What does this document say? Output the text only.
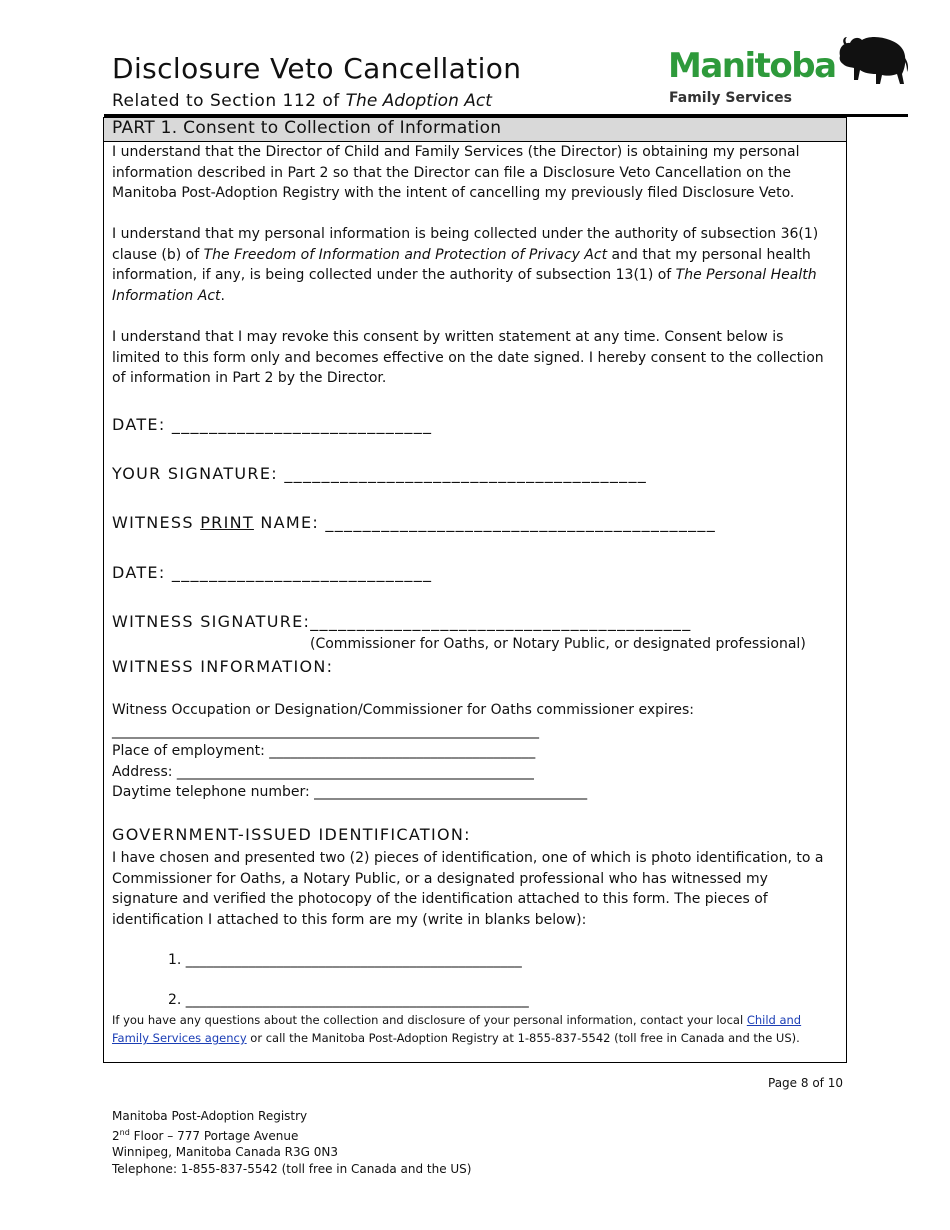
Disclosure Veto Cancellation
Related to Section 112 of The Adoption Act
Manitoba
Family Services
PART 1. Consent to Collection of Information
I understand that the Director of Child and Family Services (the Director) is obtaining my personal information described in Part 2 so that the Director can file a Disclosure Veto Cancellation on the Manitoba Post-Adoption Registry with the intent of cancelling my previously filed Disclosure Veto.
I understand that my personal information is being collected under the authority of subsection 36(1) clause (b) of The Freedom of Information and Protection of Privacy Act and that my personal health information, if any, is being collected under the authority of subsection 13(1) of The Personal Health Information Act.
I understand that I may revoke this consent by written statement at any time. Consent below is limited to this form only and becomes effective on the date signed. I hereby consent to the collection of information in Part 2 by the Director.
DATE: ____________________________
YOUR SIGNATURE: _______________________________________
WITNESS PRINT NAME: __________________________________________
DATE: ____________________________
WITNESS SIGNATURE:_________________________________________
(Commissioner for Oaths, or Notary Public, or designated professional)
WITNESS INFORMATION:
Witness Occupation or Designation/Commissioner for Oaths commissioner expires:
_____________________________________________________________
Place of employment: ______________________________________
Address: ___________________________________________________
Daytime telephone number: _______________________________________
GOVERNMENT-ISSUED IDENTIFICATION:
I have chosen and presented two (2) pieces of identification, one of which is photo identification, to a Commissioner for Oaths, a Notary Public, or a designated professional who has witnessed my signature and verified the photocopy of the identification attached to this form. The pieces of identification I attached to this form are my (write in blanks below):
1. ________________________________________________
2. _________________________________________________
If you have any questions about the collection and disclosure of your personal information, contact your local Child and Family Services agency or call the Manitoba Post-Adoption Registry at 1-855-837-5542 (toll free in Canada and the US).
Page 8 of 10
Manitoba Post-Adoption Registry
2nd Floor – 777 Portage Avenue
Winnipeg, Manitoba Canada R3G 0N3
Telephone: 1-855-837-5542 (toll free in Canada and the US)
